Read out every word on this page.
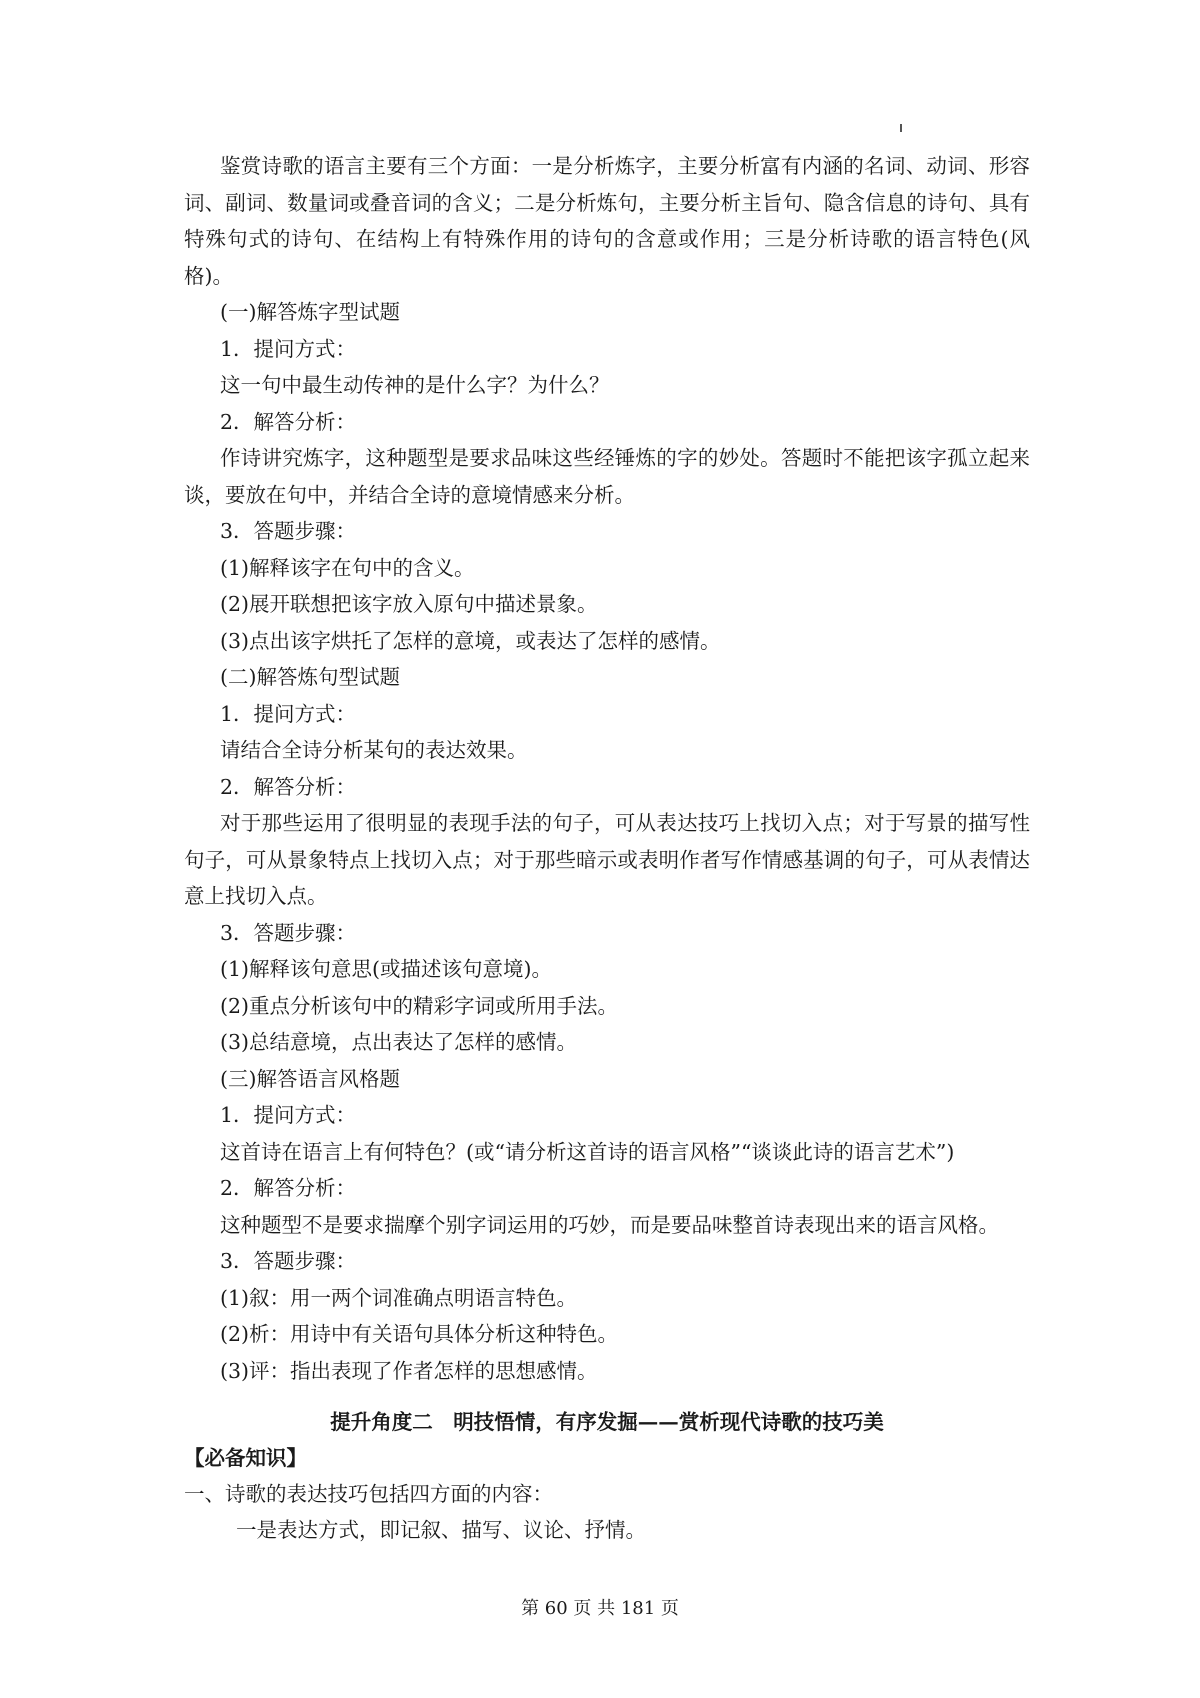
鉴赏诗歌的语言主要有三个方面：一是分析炼字，主要分析富有内涵的名词、动词、形容词、副词、数量词或叠音词的含义；二是分析炼句，主要分析主旨句、隐含信息的诗句、具有特殊句式的诗句、在结构上有特殊作用的诗句的含意或作用；三是分析诗歌的语言特色(风格)。

(一)解答炼字型试题

1．提问方式：

这一句中最生动传神的是什么字？为什么？

2．解答分析：

作诗讲究炼字，这种题型是要求品味这些经锤炼的字的妙处。答题时不能把该字孤立起来谈，要放在句中，并结合全诗的意境情感来分析。

3．答题步骤：

(1)解释该字在句中的含义。

(2)展开联想把该字放入原句中描述景象。

(3)点出该字烘托了怎样的意境，或表达了怎样的感情。

(二)解答炼句型试题

1．提问方式：

请结合全诗分析某句的表达效果。

2．解答分析：

对于那些运用了很明显的表现手法的句子，可从表达技巧上找切入点；对于写景的描写性句子，可从景象特点上找切入点；对于那些暗示或表明作者写作情感基调的句子，可从表情达意上找切入点。

3．答题步骤：

(1)解释该句意思(或描述该句意境)。

(2)重点分析该句中的精彩字词或所用手法。

(3)总结意境，点出表达了怎样的感情。

(三)解答语言风格题

1．提问方式：

这首诗在语言上有何特色？(或“请分析这首诗的语言风格”“谈谈此诗的语言艺术”)

2．解答分析：

这种题型不是要求揣摩个别字词运用的巧妙，而是要品味整首诗表现出来的语言风格。

3．答题步骤：

(1)叙：用一两个词准确点明语言特色。

(2)析：用诗中有关语句具体分析这种特色。

(3)评：指出表现了作者怎样的思想感情。

提升角度二　明技悟情，有序发掘——赏析现代诗歌的技巧美

【必备知识】

一、诗歌的表达技巧包括四方面的内容：

一是表达方式，即记叙、描写、议论、抒情。

第 60 页 共 181 页
